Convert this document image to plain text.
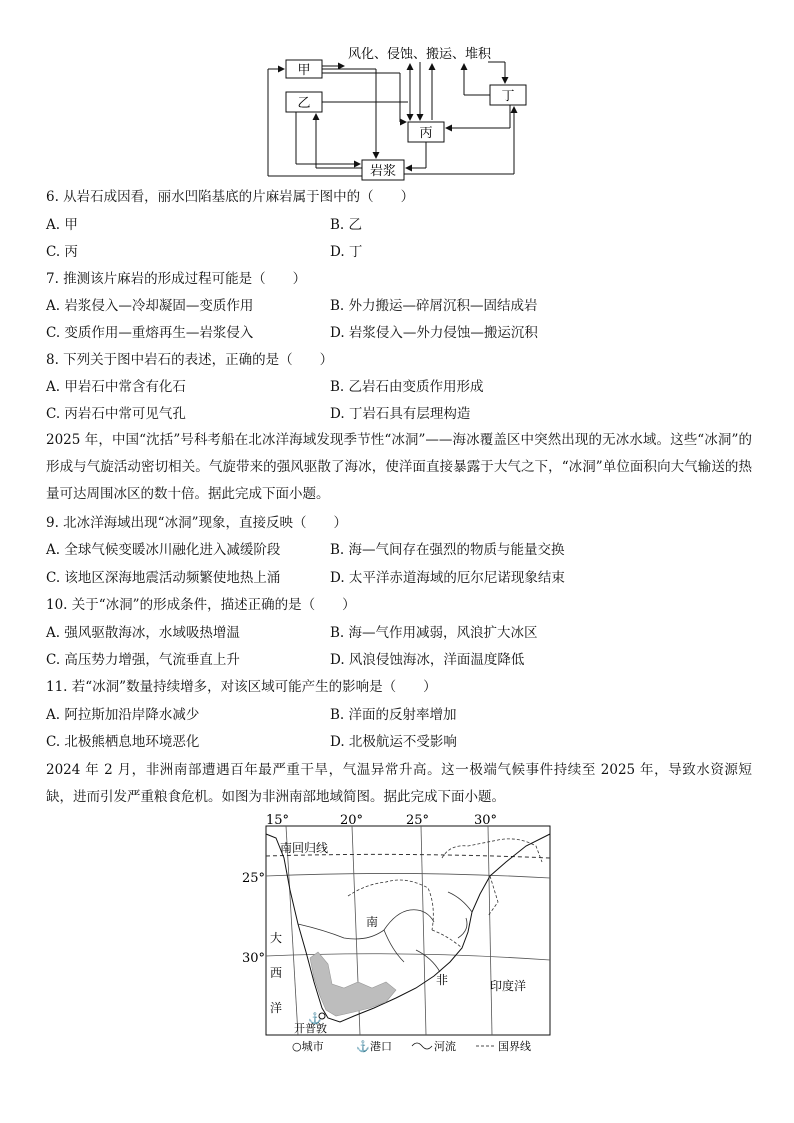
甲
乙
丙
丁
岩浆
风化、侵蚀、搬运、堆积
6. 从岩石成因看，丽水凹陷基底的片麻岩属于图中的（　　）
A. 甲	B. 乙
C. 丙	D. 丁
7. 推测该片麻岩的形成过程可能是（　　）
A. 岩浆侵入—冷却凝固—变质作用	B. 外力搬运—碎屑沉积—固结成岩
C. 变质作用—重熔再生—岩浆侵入	D. 岩浆侵入—外力侵蚀—搬运沉积
8. 下列关于图中岩石的表述，正确的是（　　）
A. 甲岩石中常含有化石	B. 乙岩石由变质作用形成
C. 丙岩石中常可见气孔	D. 丁岩石具有层理构造
2025 年，中国“沈括”号科考船在北冰洋海域发现季节性“冰洞”——海冰覆盖区中突然出现的无冰水域。这些“冰洞”的形成与气旋活动密切相关。气旋带来的强风驱散了海冰，使洋面直接暴露于大气之下，“冰洞”单位面积向大气输送的热量可达周围冰区的数十倍。据此完成下面小题。
9. 北冰洋海域出现“冰洞”现象，直接反映（　　）
A. 全球气候变暖冰川融化进入减缓阶段	B. 海—气间存在强烈的物质与能量交换
C. 该地区深海地震活动频繁使地热上涌	D. 太平洋赤道海域的厄尔尼诺现象结束
10. 关于“冰洞”的形成条件，描述正确的是（　　）
A. 强风驱散海冰，水域吸热增温	B. 海—气作用减弱，风浪扩大冰区
C. 高压势力增强，气流垂直上升	D. 风浪侵蚀海冰，洋面温度降低
11. 若“冰洞”数量持续增多，对该区域可能产生的影响是（　　）
A. 阿拉斯加沿岸降水减少	B. 洋面的反射率增加
C. 北极熊栖息地环境恶化	D. 北极航运不受影响
2024 年 2 月，非洲南部遭遇百年最严重干旱，气温异常升高。这一极端气候事件持续至 2025 年，导致水资源短缺，进而引发严重粮食危机。如图为非洲南部地域简图。据此完成下面小题。
⚓
15°	20°	25°	30°
25°
30°
南回归线
大
西
洋
印度洋
南
非
开普敦
○城市	⚓ 港口	河流	国界线
